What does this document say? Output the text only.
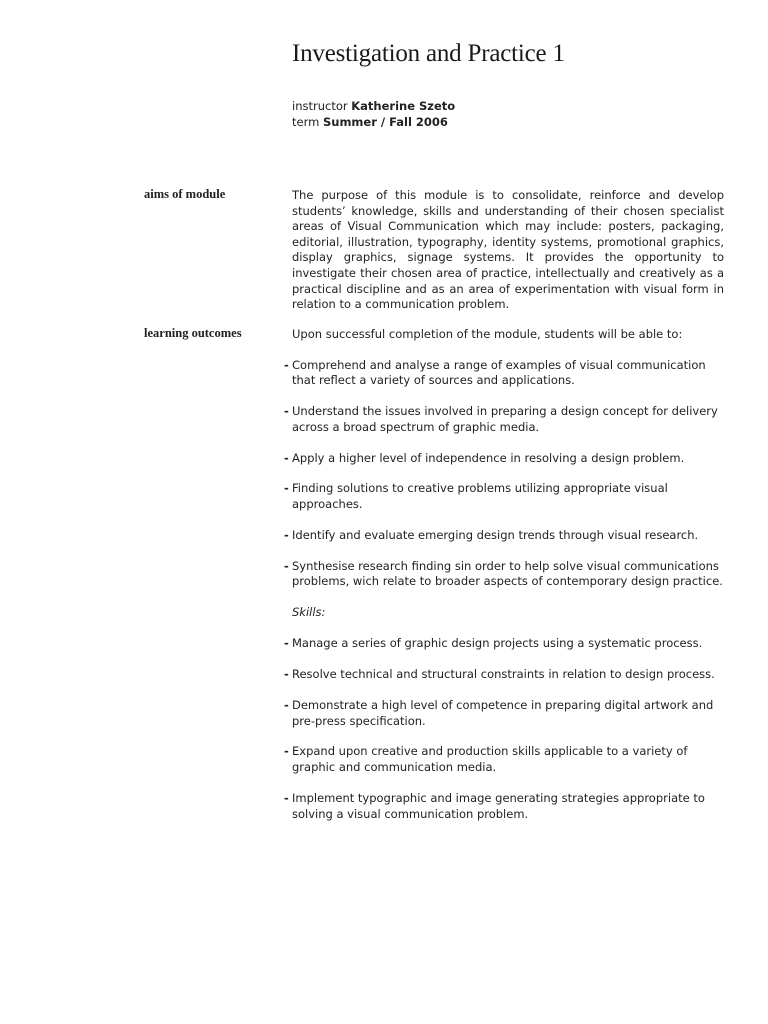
Investigation and Practice 1
instructor Katherine Szeto
term Summer / Fall 2006
aims of module	The purpose of this module is to consolidate, reinforce and develop students’ knowledge, skills and understanding of their chosen specialist areas of Visual Communication which may include: posters, packaging, editorial, illustration, typography, identity systems, promotional graphics, display graphics, signage systems. It provides the opportunity to investigate their chosen area of practice, intellectually and creatively as a practical discipline and as an area of experimentation with visual form in relation to a communication problem.

learning outcomes	Upon successful completion of the module, students will be able to:

- Comprehend and analyse a range of examples of visual communication that reflect a variety of sources and applications.
- Understand the issues involved in preparing a design concept for delivery across a broad spectrum of graphic media.
- Apply a higher level of independence in resolving a design problem.
- Finding solutions to creative problems utilizing appropriate visual approaches.
- Identify and evaluate emerging design trends through visual research.
- Synthesise research finding sin order to help solve visual communications problems, wich relate to broader aspects of contemporary design practice.

Skills:

- Manage a series of graphic design projects using a systematic process.
- Resolve technical and structural constraints in relation to design process.
- Demonstrate a high level of competence in preparing digital artwork and pre-press specification.
- Expand upon creative and production skills applicable to a variety of graphic and communication media.
- Implement typographic and image generating strategies appropriate to solving a visual communication problem.
